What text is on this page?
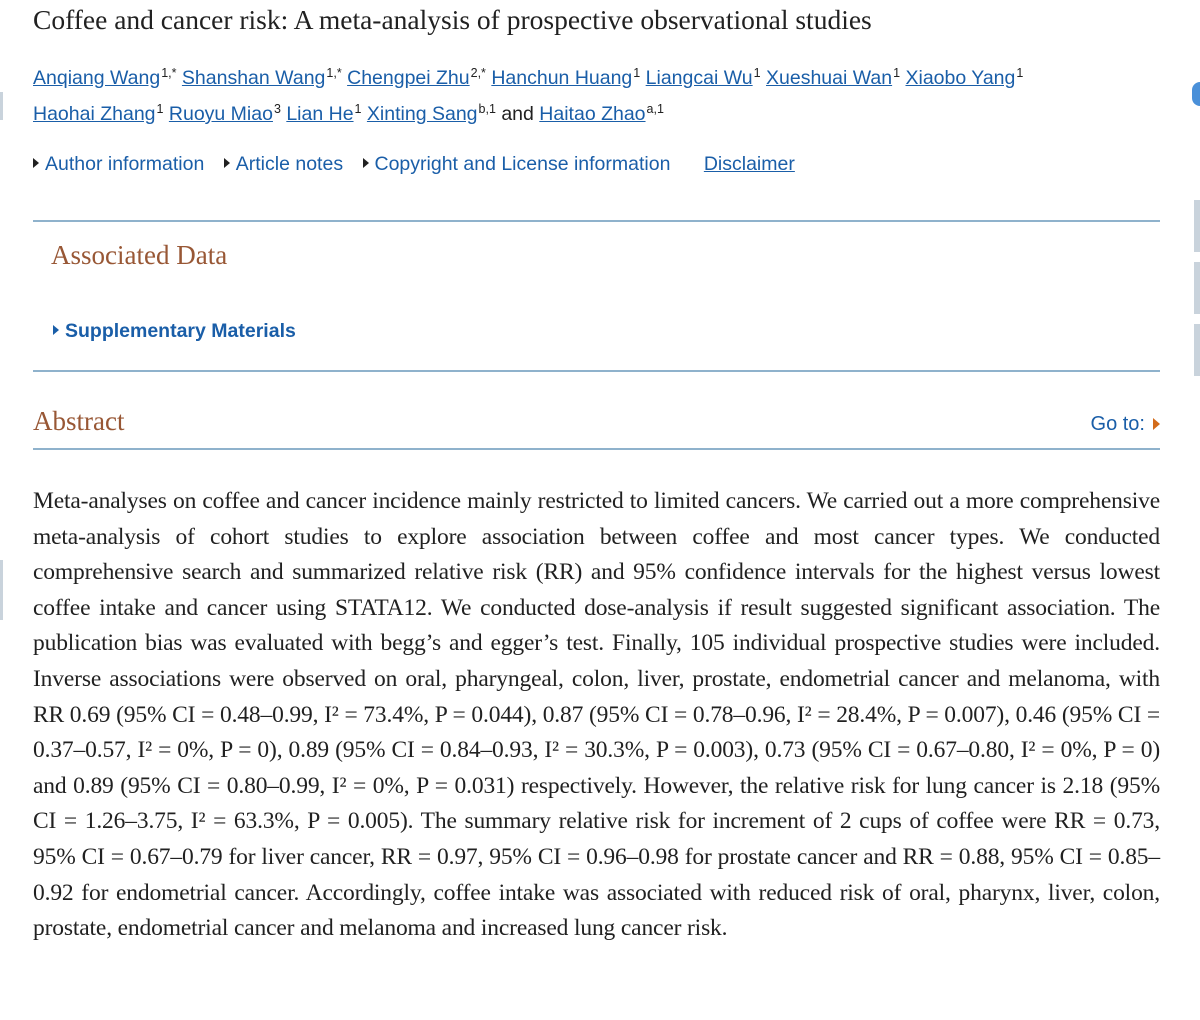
Coffee and cancer risk: A meta-analysis of prospective observational studies
Anqiang Wang$^{1,*}$ Shanshan Wang$^{1,*}$ Chengpei Zhu$^{2,*}$ Hanchun Huang$^1$ Liangcai Wu$^1$ Xueshuai Wan$^1$ Xiaobo Yang$^1$
Haohai Zhang$^1$ Ruoyu Miao$^3$ Lian He$^1$ Xinting Sang$^{b,1}$ and Haitao Zhao$^{a,1}$
Author information Article notes Copyright and License information Disclaimer
Associated Data
Supplementary Materials
Abstract	Go to:

Meta-analyses on coffee and cancer incidence mainly restricted to limited cancers. We carried out a more comprehensive meta-analysis of cohort studies to explore association between coffee and most cancer types. We conducted comprehensive search and summarized relative risk (RR) and 95% confidence intervals for the highest versus lowest coffee intake and cancer using STATA12. We conducted dose-analysis if result suggested significant association. The publication bias was evaluated with begg’s and egger’s test. Finally, 105 individual prospective studies were included. Inverse associations were observed on oral, pharyngeal, colon, liver, prostate, endometrial cancer and melanoma, with RR 0.69 (95% CI = 0.48–0.99, I² = 73.4%, P = 0.044), 0.87 (95% CI = 0.78–0.96, I² = 28.4%, P = 0.007), 0.46 (95% CI = 0.37–0.57, I² = 0%, P = 0), 0.89 (95% CI = 0.84–0.93, I² = 30.3%, P = 0.003), 0.73 (95% CI = 0.67–0.80, I² = 0%, P = 0) and 0.89 (95% CI = 0.80–0.99, I² = 0%, P = 0.031) respectively. However, the relative risk for lung cancer is 2.18 (95% CI = 1.26–3.75, I² = 63.3%, P = 0.005). The summary relative risk for increment of 2 cups of coffee were RR = 0.73, 95% CI = 0.67–0.79 for liver cancer, RR = 0.97, 95% CI = 0.96–0.98 for prostate cancer and RR = 0.88, 95% CI = 0.85–0.92 for endometrial cancer. Accordingly, coffee intake was associated with reduced risk of oral, pharynx, liver, colon, prostate, endometrial cancer and melanoma and increased lung cancer risk.
